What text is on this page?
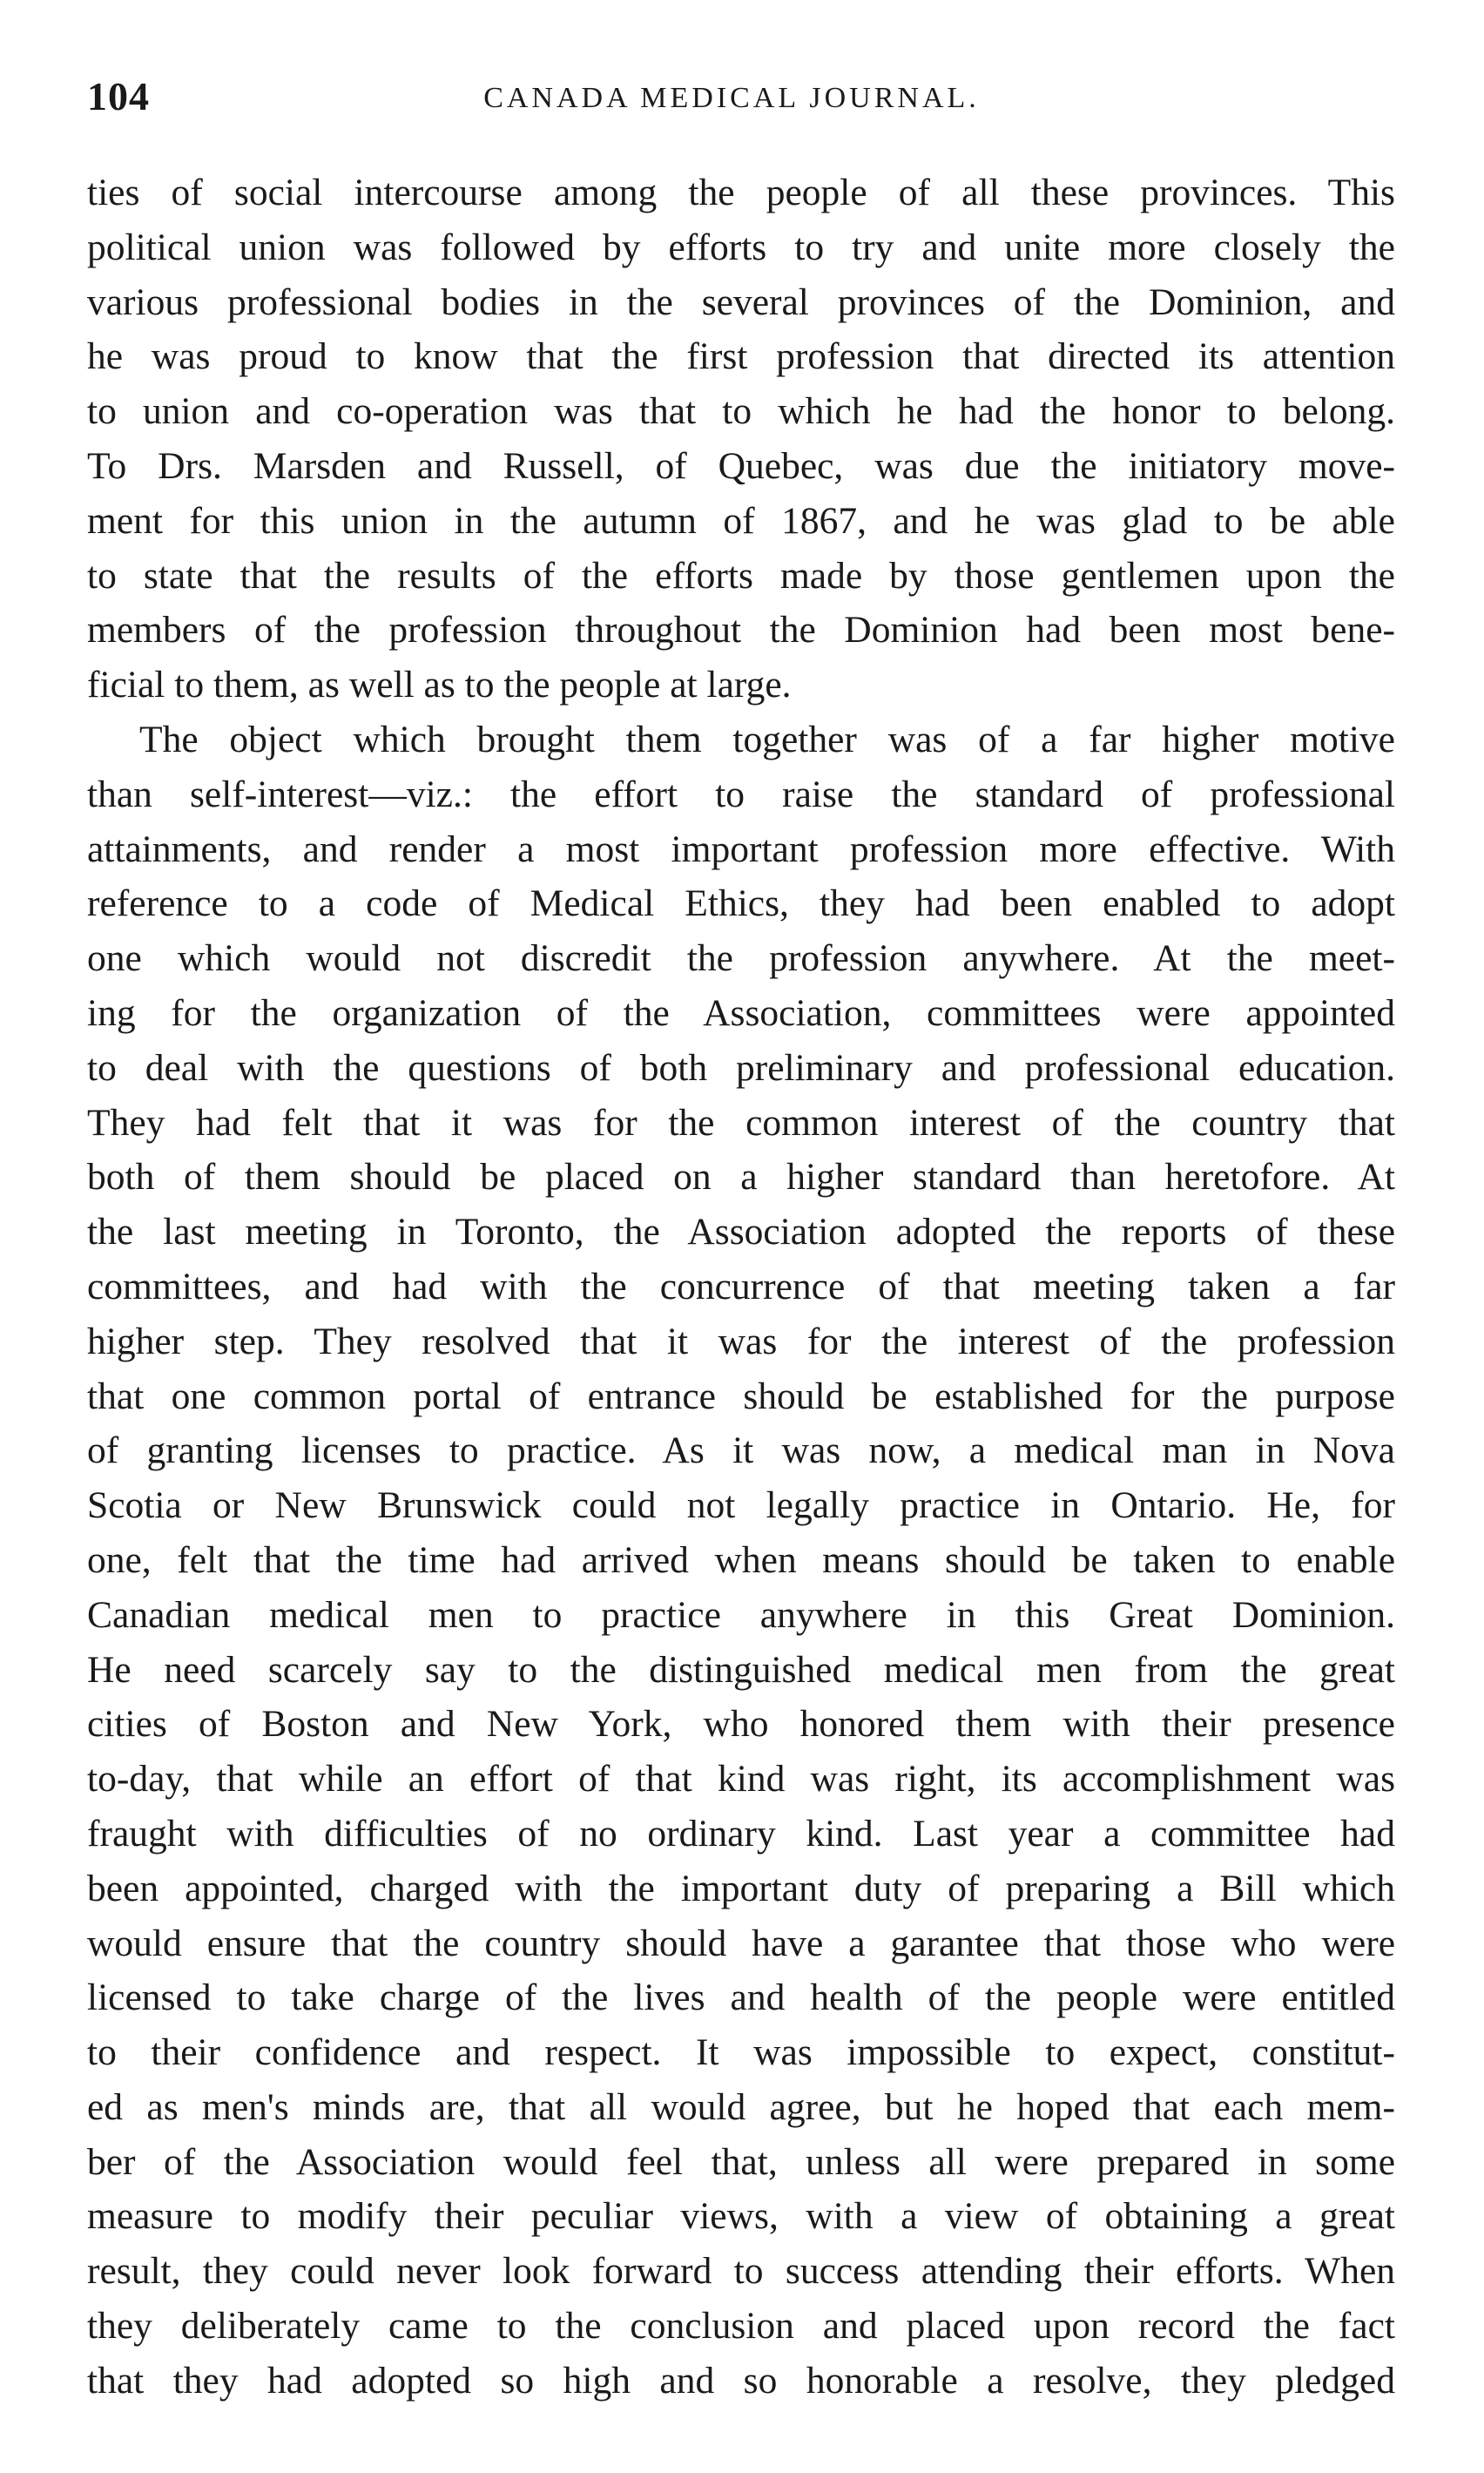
104	CANADA MEDICAL JOURNAL.
ties of social intercourse among the people of all these provinces. This
political union was followed by efforts to try and unite more closely the
various professional bodies in the several provinces of the Dominion, and
he was proud to know that the first profession that directed its attention
to union and co-operation was that to which he had the honor to belong.
To Drs. Marsden and Russell, of Quebec, was due the initiatory move-
ment for this union in the autumn of 1867, and he was glad to be able
to state that the results of the efforts made by those gentlemen upon the
members of the profession throughout the Dominion had been most bene-
ficial to them, as well as to the people at large.
The object which brought them together was of a far higher motive
than self-interest—viz.: the effort to raise the standard of professional
attainments, and render a most important profession more effective. With
reference to a code of Medical Ethics, they had been enabled to adopt
one which would not discredit the profession anywhere. At the meet-
ing for the organization of the Association, committees were appointed
to deal with the questions of both preliminary and professional education.
They had felt that it was for the common interest of the country that
both of them should be placed on a higher standard than heretofore. At
the last meeting in Toronto, the Association adopted the reports of these
committees, and had with the concurrence of that meeting taken a far
higher step. They resolved that it was for the interest of the profession
that one common portal of entrance should be established for the purpose
of granting licenses to practice. As it was now, a medical man in Nova
Scotia or New Brunswick could not legally practice in Ontario. He, for
one, felt that the time had arrived when means should be taken to enable
Canadian medical men to practice anywhere in this Great Dominion.
He need scarcely say to the distinguished medical men from the great
cities of Boston and New York, who honored them with their presence
to-day, that while an effort of that kind was right, its accomplishment was
fraught with difficulties of no ordinary kind. Last year a committee had
been appointed, charged with the important duty of preparing a Bill which
would ensure that the country should have a garantee that those who were
licensed to take charge of the lives and health of the people were entitled
to their confidence and respect. It was impossible to expect, constitut-
ed as men's minds are, that all would agree, but he hoped that each mem-
ber of the Association would feel that, unless all were prepared in some
measure to modify their peculiar views, with a view of obtaining a great
result, they could never look forward to success attending their efforts. When
they deliberately came to the conclusion and placed upon record the fact
that they had adopted so high and so honorable a resolve, they pledged
